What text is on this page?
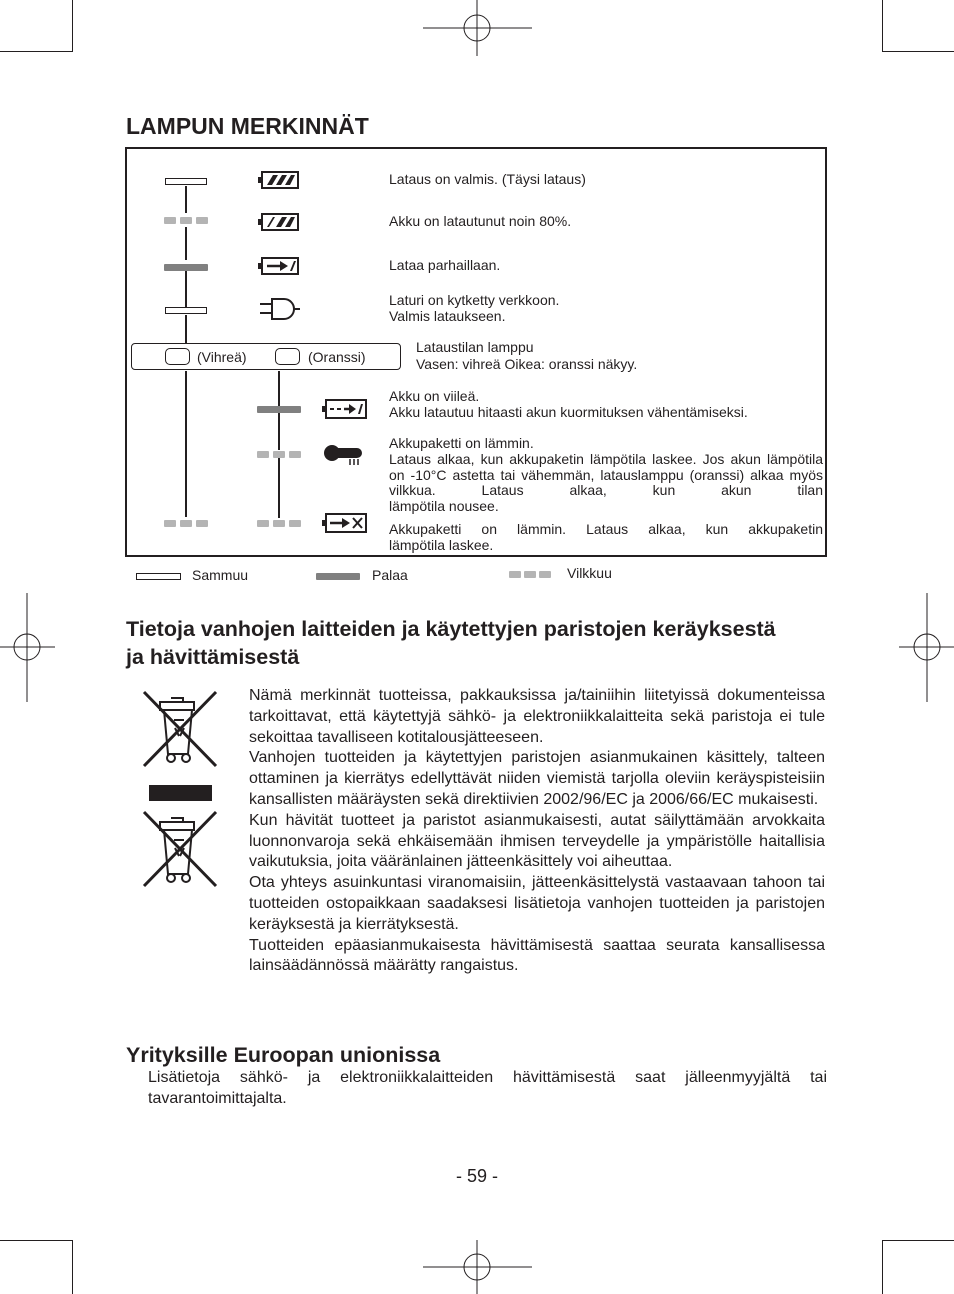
LAMPUN MERKINNÄT
Lataus on valmis. (Täysi lataus)
Akku on latautunut noin 80%.
Lataa parhaillaan.
Laturi on kytketty verkkoon.
Valmis lataukseen.
(Vihreä)	(Oranssi)
Lataustilan lamppu
Vasen: vihreä Oikea: oranssi näkyy.
Akku on viileä.
Akku latautuu hitaasti akun kuormituksen vähentämiseksi.
Akkupaketti on lämmin.
Lataus alkaa, kun akkupaketin lämpötila laskee. Jos akun lämpötila on -10°C astetta tai vähemmän, latauslamppu (oranssi) alkaa myös vilkkua. Lataus alkaa, kun akun tilan
lämpötila nousee.
Akkupaketti on lämmin. Lataus alkaa, kun akkupaketin
lämpötila laskee.
Sammuu	Palaa	Vilkkuu
Tietoja vanhojen laitteiden ja käytettyjen paristojen keräyksestä
ja hävittämisestä

Nämä merkinnät tuotteissa, pakkauksissa ja/tainiihin liitetyissä dokumenteissa tarkoittavat, että käytettyjä sähkö- ja elektroniikkalaitteita sekä paristoja ei tule sekoittaa tavalliseen kotitalousjätteeseen.

Vanhojen tuotteiden ja käytettyjen paristojen asianmukainen käsittely, talteen ottaminen ja kierrätys edellyttävät niiden viemistä tarjolla oleviin keräyspisteisiin kansallisten määräysten sekä direktiivien 2002/96/EC ja 2006/66/EC mukaisesti.

Kun hävität tuotteet ja paristot asianmukaisesti, autat säilyttämään arvokkaita luonnonvaroja sekä ehkäisemään ihmisen terveydelle ja ympäristölle haitallisia vaikutuksia, joita vääränlainen jätteenkäsittely voi aiheuttaa.

Ota yhteys asuinkuntasi viranomaisiin, jätteenkäsittelystä vastaavaan tahoon tai tuotteiden ostopaikkaan saadaksesi lisätietoja vanhojen tuotteiden ja paristojen keräyksestä ja kierrätyksestä.

Tuotteiden epäasianmukaisesta hävittämisestä saattaa seurata kansallisessa lainsäädännössä määrätty rangaistus.

Yrityksille Euroopan unionissa
Lisätietoja sähkö- ja elektroniikkalaitteiden hävittämisestä saat jälleenmyyjältä tai tavarantoimittajalta.
- 59 -
